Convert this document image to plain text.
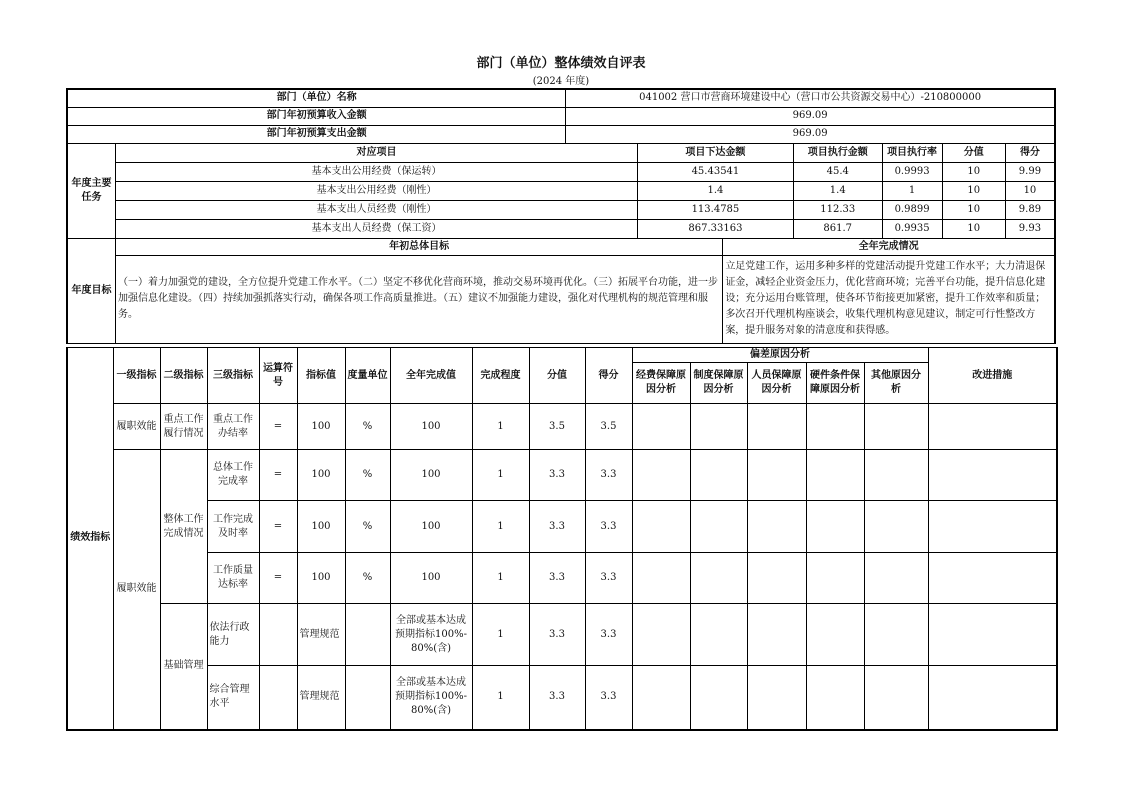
部门（单位）整体绩效自评表
(2024 年度)
部门（单位）名称		041002 营口市营商环境建设中心（营口市公共资源交易中心）-210800000						
部门年初预算收入金额		969.09						
部门年初预算支出金额		969.09						
年度主要任务	对应项目		项目下达金额		项目执行金额	项目执行率	分值	得分
	基本支出公用经费（保运转）		45.43541		45.4	0.9993	10	9.99
	基本支出公用经费（刚性）		1.4		1.4	1	10	10
	基本支出人员经费（刚性）		113.4785		112.33	0.9899	10	9.89
	基本支出人员经费（保工资）		867.33163		861.7	0.9935	10	9.93
年度目标	年初总体目标			全年完成情况				
	（一）着力加强党的建设，全方位提升党建工作水平。（二）坚定不移优化营商环境，推动交易环境再优化。（三）拓展平台功能，进一步加强信息化建设。（四）持续加强抓落实行动，确保各项工作高质量推进。（五）建议不加强能力建设，强化对代理机构的规范管理和服务。			立足党建工作，运用多种多样的党建活动提升党建工作水平；大力清退保证金，减轻企业资金压力，优化营商环境；完善平台功能，提升信息化建设；充分运用台账管理，使各环节衔接更加紧密，提升工作效率和质量；多次召开代理机构座谈会，收集代理机构意见建议，制定可行性整改方案，提升服务对象的清意度和获得感。				
绩效指标	一级指标	二级指标	三级指标	运算符号	指标值	度量单位	全年完成值	完成程度	分值	得分	偏差原因分析					改进措施
											经费保障原因分析	制度保障原因分析	人员保障原因分析	硬件条件保障原因分析	其他原因分析	
	履职效能	重点工作履行情况	重点工作办结率	=	100	%	100	1	3.5	3.5						
	履职效能	整体工作完成情况	总体工作完成率	=	100	%	100	1	3.3	3.3						
			工作完成及时率	=	100	%	100	1	3.3	3.3						
			工作质量达标率	=	100	%	100	1	3.3	3.3						
		基础管理	依法行政能力		管理规范		全部或基本达成预期指标100%-80%(含)	1	3.3	3.3						
			综合管理水平		管理规范		全部或基本达成预期指标100%-80%(含)	1	3.3	3.3						
